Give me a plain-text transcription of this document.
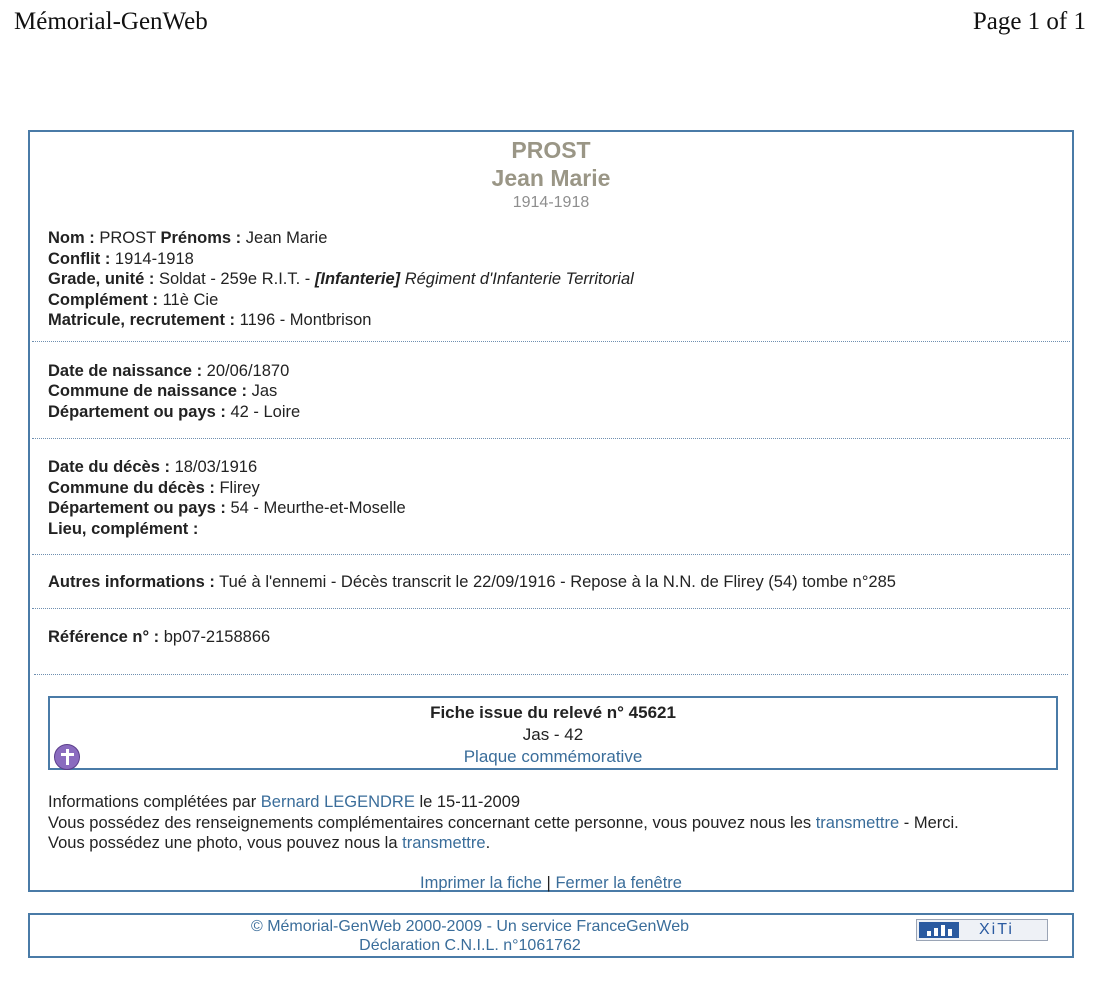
Mémorial-GenWeb	Page 1 of 1
PROST
Jean Marie
1914-1918
Nom : PROST Prénoms : Jean Marie
Conflit : 1914-1918
Grade, unité : Soldat - 259e R.I.T. - [Infanterie] Régiment d'Infanterie Territorial
Complément : 11è Cie
Matricule, recrutement : 1196 - Montbrison
Date de naissance : 20/06/1870
Commune de naissance : Jas
Département ou pays : 42 - Loire
Date du décès : 18/03/1916
Commune du décès : Flirey
Département ou pays : 54 - Meurthe-et-Moselle
Lieu, complément :
Autres informations : Tué à l'ennemi - Décès transcrit le 22/09/1916 - Repose à la N.N. de Flirey (54) tombe n°285
Référence n° : bp07-2158866
Fiche issue du relevé n° 45621
Jas - 42
Plaque commémorative
Informations complétées par Bernard LEGENDRE le 15-11-2009
Vous possédez des renseignements complémentaires concernant cette personne, vous pouvez nous les transmettre - Merci.
Vous possédez une photo, vous pouvez nous la transmettre.
Imprimer la fiche | Fermer la fenêtre
© Mémorial-GenWeb 2000-2009 - Un service FranceGenWeb
Déclaration C.N.I.L. n°1061762
XiTi
